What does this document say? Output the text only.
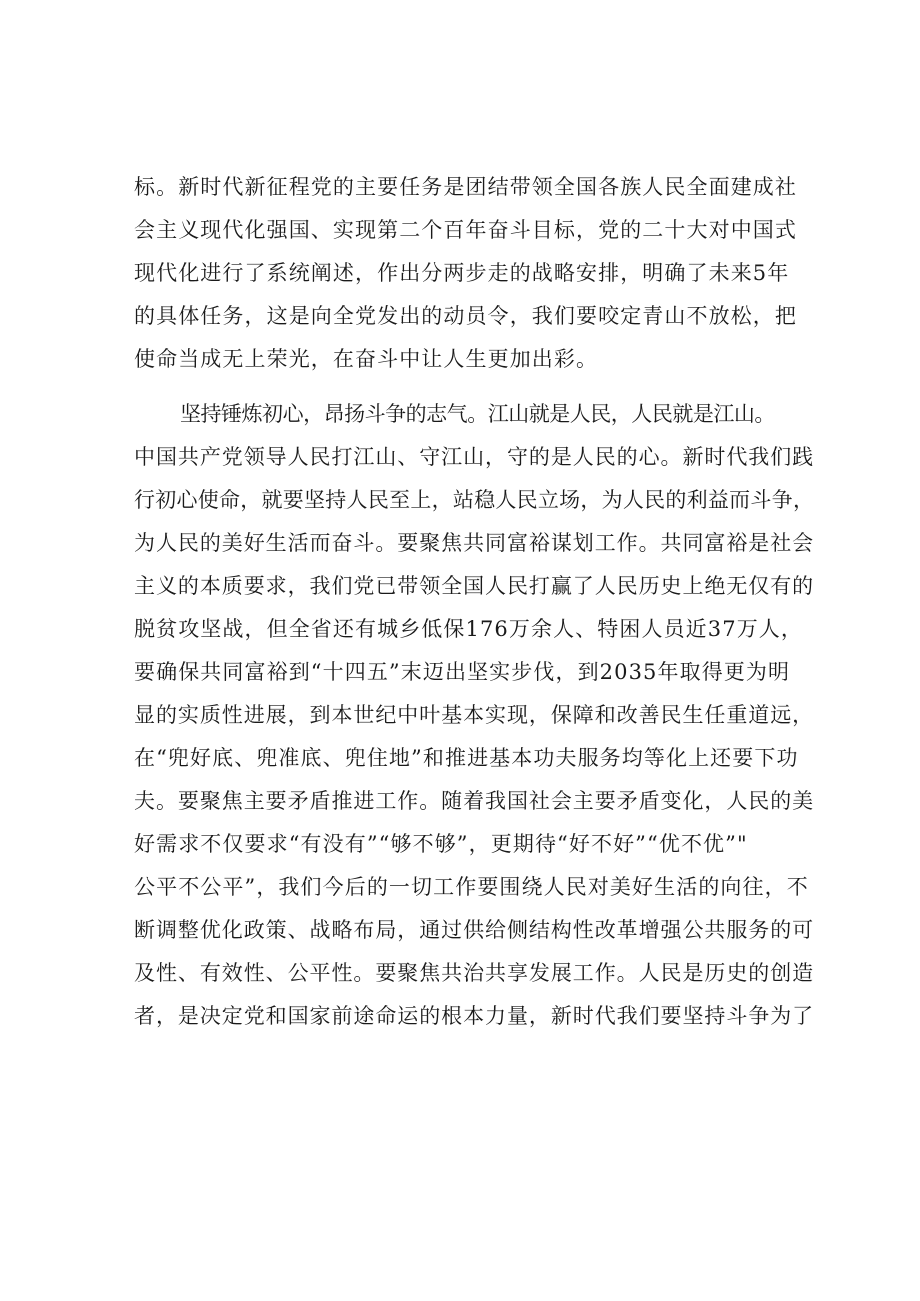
标。新时代新征程党的主要任务是团结带领全国各族人民全面建成社
会主义现代化强国、实现第二个百年奋斗目标，党的二十大对中国式
现代化进行了系统阐述，作出分两步走的战略安排，明确了未来5年
的具体任务，这是向全党发出的动员令，我们要咬定青山不放松，把
使命当成无上荣光，在奋斗中让人生更加出彩。
坚持锤炼初心，昂扬斗争的志气。江山就是人民，人民就是江山。
中国共产党领导人民打江山、守江山，守的是人民的心。新时代我们践
行初心使命，就要坚持人民至上，站稳人民立场，为人民的利益而斗争，
为人民的美好生活而奋斗。要聚焦共同富裕谋划工作。共同富裕是社会
主义的本质要求，我们党已带领全国人民打赢了人民历史上绝无仅有的
脱贫攻坚战，但全省还有城乡低保176万余人、特困人员近37万人，
要确保共同富裕到“十四五”末迈出坚实步伐，到2035年取得更为明
显的实质性进展，到本世纪中叶基本实现，保障和改善民生任重道远，
在“兜好底、兜准底、兜住地”和推进基本功夫服务均等化上还要下功
夫。要聚焦主要矛盾推进工作。随着我国社会主要矛盾变化，人民的美
好需求不仅要求“有没有”“够不够”，更期待“好不好”“优不优”"
公平不公平”，我们今后的一切工作要围绕人民对美好生活的向往，不
断调整优化政策、战略布局，通过供给侧结构性改革增强公共服务的可
及性、有效性、公平性。要聚焦共治共享发展工作。人民是历史的创造
者，是决定党和国家前途命运的根本力量，新时代我们要坚持斗争为了
